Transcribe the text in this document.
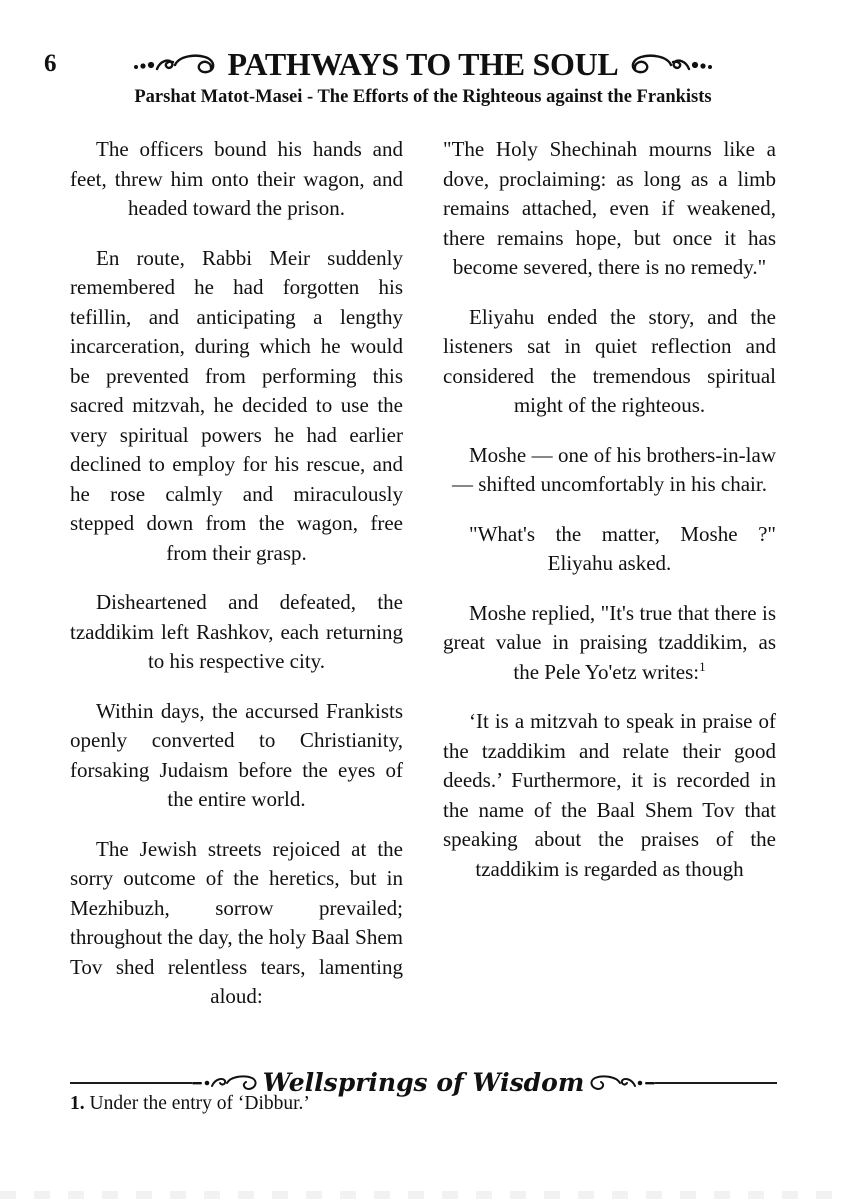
6	PATHWAYS TO THE SOUL
Parshat Matot-Masei - The Efforts of the Righteous against the Frankists

The officers bound his hands and feet, threw him onto their wagon, and headed toward the prison.

En route, Rabbi Meir suddenly remembered he had forgotten his tefillin, and anticipating a lengthy incarceration, during which he would be prevented from performing this sacred mitzvah, he decided to use the very spiritual powers he had earlier declined to employ for his rescue, and he rose calmly and miraculously stepped down from the wagon, free from their grasp.

Disheartened and defeated, the tzaddikim left Rashkov, each returning to his respective city.

Within days, the accursed Frankists openly converted to Christianity, forsaking Judaism before the eyes of the entire world.

The Jewish streets rejoiced at the sorry outcome of the heretics, but in Mezhibuzh, sorrow prevailed; throughout the day, the holy Baal Shem Tov shed relentless tears, lamenting aloud:

"The Holy Shechinah mourns like a dove, proclaiming: as long as a limb remains attached, even if weakened, there remains hope, but once it has become severed, there is no remedy."

Eliyahu ended the story, and the listeners sat in quiet reflection and considered the tremendous spiritual might of the righteous.

Moshe — one of his brothers-in-law — shifted uncomfortably in his chair.

"What's the matter, Moshe ?" Eliyahu asked.

Moshe replied, "It's true that there is great value in praising tzaddikim, as the Pele Yo'etz writes:$^1$

‘It is a mitzvah to speak in praise of the tzaddikim and relate their good deeds.’ Furthermore, it is recorded in the name of the Baal Shem Tov that speaking about the praises of the tzaddikim is regarded as though

Wellsprings of Wisdom
1. Under the entry of ‘Dibbur.’
